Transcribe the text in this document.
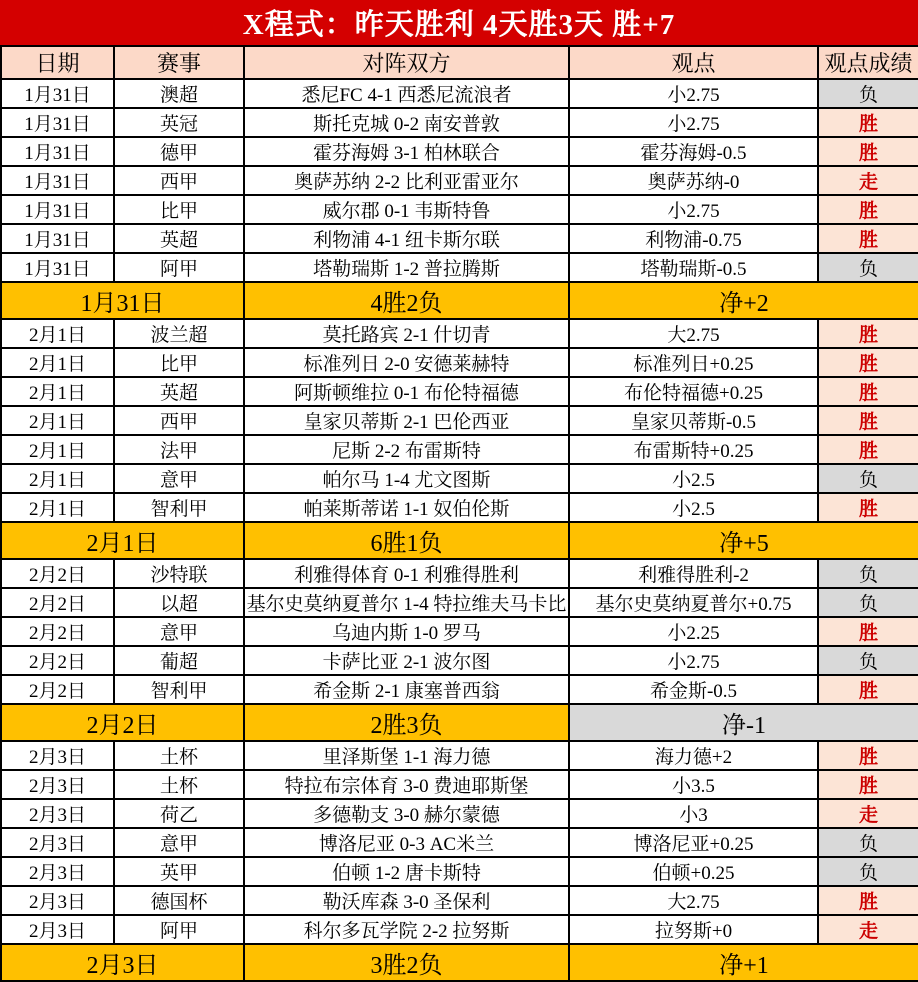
X程式：昨天胜利 4天胜3天 胜+7
日期	赛事	对阵双方	观点	观点成绩
1月31日	澳超	悉尼FC 4-1 西悉尼流浪者	小2.75	负
1月31日	英冠	斯托克城 0-2 南安普敦	小2.75	胜
1月31日	德甲	霍芬海姆 3-1 柏林联合	霍芬海姆-0.5	胜
1月31日	西甲	奥萨苏纳 2-2 比利亚雷亚尔	奥萨苏纳-0	走
1月31日	比甲	威尔郡 0-1 韦斯特鲁	小2.75	胜
1月31日	英超	利物浦 4-1 纽卡斯尔联	利物浦-0.75	胜
1月31日	阿甲	塔勒瑞斯 1-2 普拉腾斯	塔勒瑞斯-0.5	负
1月31日		4胜2负	净+2	
2月1日	波兰超	莫托路宾 2-1 什切青	大2.75	胜
2月1日	比甲	标准列日 2-0 安德莱赫特	标准列日+0.25	胜
2月1日	英超	阿斯顿维拉 0-1 布伦特福德	布伦特福德+0.25	胜
2月1日	西甲	皇家贝蒂斯 2-1 巴伦西亚	皇家贝蒂斯-0.5	胜
2月1日	法甲	尼斯 2-2 布雷斯特	布雷斯特+0.25	胜
2月1日	意甲	帕尔马 1-4 尤文图斯	小2.5	负
2月1日	智利甲	帕莱斯蒂诺 1-1 奴伯伦斯	小2.5	胜
2月1日		6胜1负	净+5	
2月2日	沙特联	利雅得体育 0-1 利雅得胜利	利雅得胜利-2	负
2月2日	以超	基尔史莫纳夏普尔 1-4 特拉维夫马卡比	基尔史莫纳夏普尔+0.75	负
2月2日	意甲	乌迪内斯 1-0 罗马	小2.25	胜
2月2日	葡超	卡萨比亚 2-1 波尔图	小2.75	负
2月2日	智利甲	希金斯 2-1 康塞普西翁	希金斯-0.5	胜
2月2日		2胜3负	净-1	
2月3日	土杯	里泽斯堡 1-1 海力德	海力德+2	胜
2月3日	土杯	特拉布宗体育 3-0 费迪耶斯堡	小3.5	胜
2月3日	荷乙	多德勒支 3-0 赫尔蒙德	小3	走
2月3日	意甲	博洛尼亚 0-3 AC米兰	博洛尼亚+0.25	负
2月3日	英甲	伯顿 1-2 唐卡斯特	伯顿+0.25	负
2月3日	德国杯	勒沃库森 3-0 圣保利	大2.75	胜
2月3日	阿甲	科尔多瓦学院 2-2 拉努斯	拉努斯+0	走
2月3日		3胜2负	净+1	
